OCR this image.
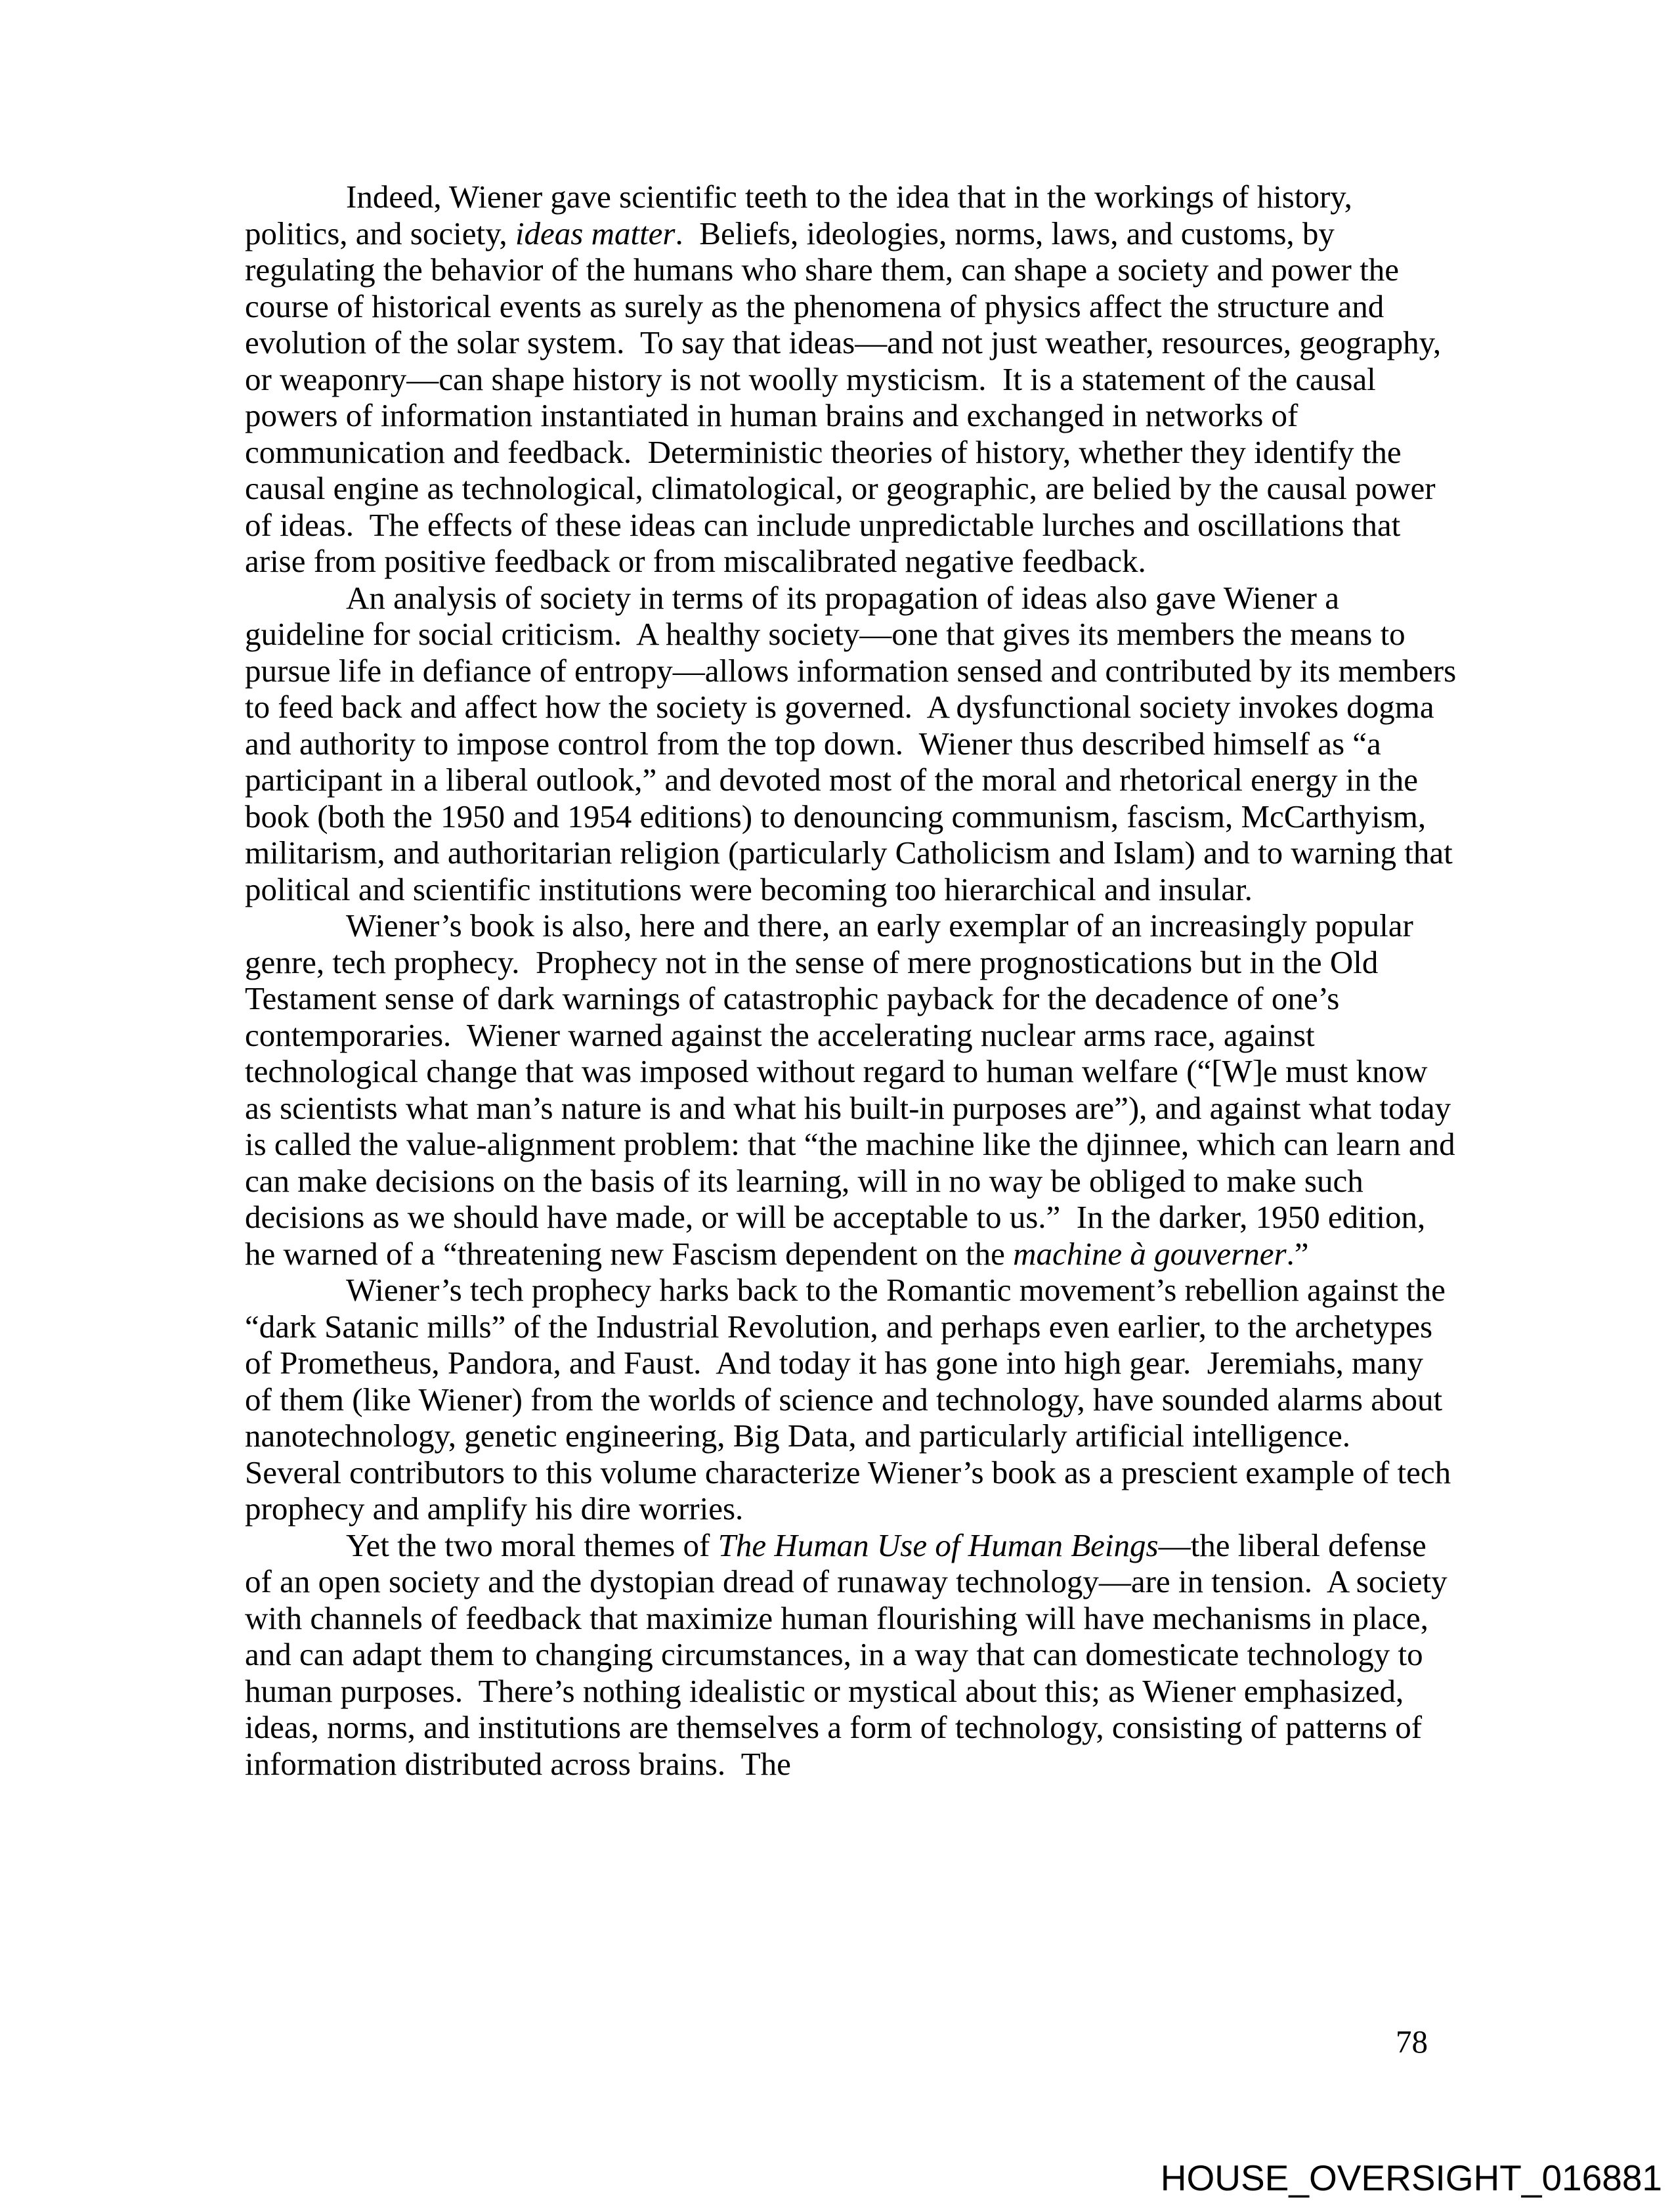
Indeed, Wiener gave scientific teeth to the idea that in the workings of history, politics, and society, ideas matter.  Beliefs, ideologies, norms, laws, and customs, by regulating the behavior of the humans who share them, can shape a society and power the course of historical events as surely as the phenomena of physics affect the structure and evolution of the solar system.  To say that ideas—and not just weather, resources, geography, or weaponry—can shape history is not woolly mysticism.  It is a statement of the causal powers of information instantiated in human brains and exchanged in networks of communication and feedback.  Deterministic theories of history, whether they identify the causal engine as technological, climatological, or geographic, are belied by the causal power of ideas.  The effects of these ideas can include unpredictable lurches and oscillations that arise from positive feedback or from miscalibrated negative feedback.

An analysis of society in terms of its propagation of ideas also gave Wiener a guideline for social criticism.  A healthy society—one that gives its members the means to pursue life in defiance of entropy—allows information sensed and contributed by its members to feed back and affect how the society is governed.  A dysfunctional society invokes dogma and authority to impose control from the top down.  Wiener thus described himself as “a participant in a liberal outlook,” and devoted most of the moral and rhetorical energy in the book (both the 1950 and 1954 editions) to denouncing communism, fascism, McCarthyism, militarism, and authoritarian religion (particularly Catholicism and Islam) and to warning that political and scientific institutions were becoming too hierarchical and insular.

Wiener’s book is also, here and there, an early exemplar of an increasingly popular genre, tech prophecy.  Prophecy not in the sense of mere prognostications but in the Old Testament sense of dark warnings of catastrophic payback for the decadence of one’s contemporaries.  Wiener warned against the accelerating nuclear arms race, against technological change that was imposed without regard to human welfare (“[W]e must know as scientists what man’s nature is and what his built-in purposes are”), and against what today is called the value-alignment problem: that “the machine like the djinnee, which can learn and can make decisions on the basis of its learning, will in no way be obliged to make such decisions as we should have made, or will be acceptable to us.”  In the darker, 1950 edition, he warned of a “threatening new Fascism dependent on the machine à gouverner.”

Wiener’s tech prophecy harks back to the Romantic movement’s rebellion against the “dark Satanic mills” of the Industrial Revolution, and perhaps even earlier, to the archetypes of Prometheus, Pandora, and Faust.  And today it has gone into high gear.  Jeremiahs, many of them (like Wiener) from the worlds of science and technology, have sounded alarms about nanotechnology, genetic engineering, Big Data, and particularly artificial intelligence.  Several contributors to this volume characterize Wiener’s book as a prescient example of tech prophecy and amplify his dire worries.

Yet the two moral themes of The Human Use of Human Beings—the liberal defense of an open society and the dystopian dread of runaway technology—are in tension.  A society with channels of feedback that maximize human flourishing will have mechanisms in place, and can adapt them to changing circumstances, in a way that can domesticate technology to human purposes.  There’s nothing idealistic or mystical about this; as Wiener emphasized, ideas, norms, and institutions are themselves a form of technology, consisting of patterns of information distributed across brains.  The

78
HOUSE_OVERSIGHT_016881
